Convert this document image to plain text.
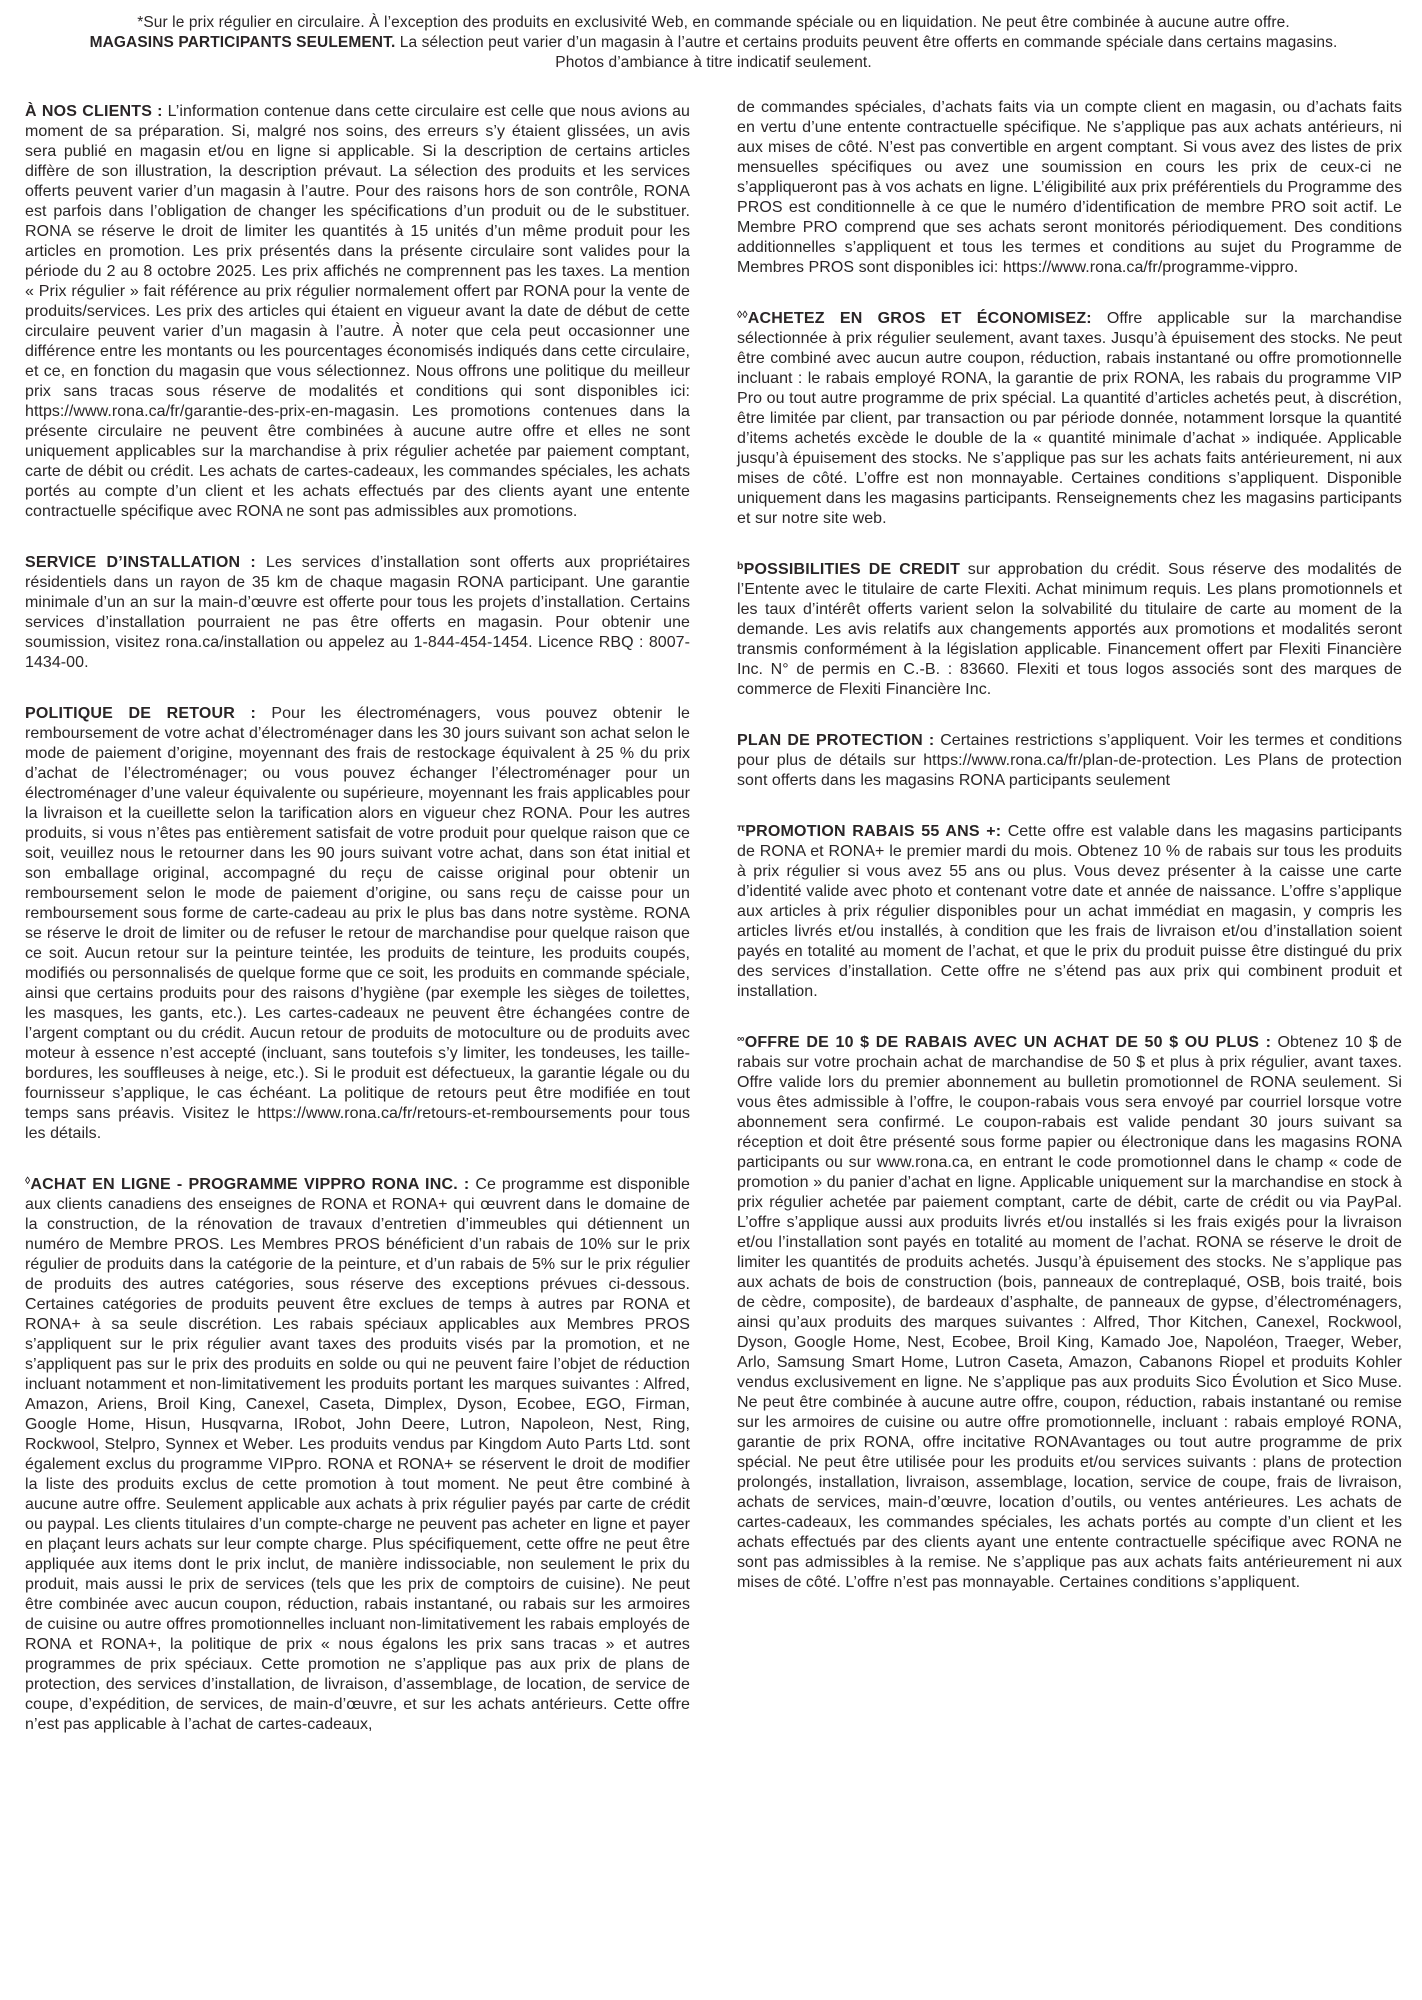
*Sur le prix régulier en circulaire. À l’exception des produits en exclusivité Web, en commande spéciale ou en liquidation. Ne peut être combinée à aucune autre offre.
MAGASINS PARTICIPANTS SEULEMENT. La sélection peut varier d’un magasin à l’autre et certains produits peuvent être offerts en commande spéciale dans certains magasins.
Photos d’ambiance à titre indicatif seulement.

À NOS CLIENTS : L’information contenue dans cette circulaire est celle que nous avions au moment de sa préparation. Si, malgré nos soins, des erreurs s’y étaient glissées, un avis sera publié en magasin et/ou en ligne si applicable. Si la description de certains articles diffère de son illustration, la description prévaut. La sélection des produits et les services offerts peuvent varier d’un magasin à l’autre. Pour des raisons hors de son contrôle, RONA est parfois dans l’obligation de changer les spécifications d’un produit ou de le substituer. RONA se réserve le droit de limiter les quantités à 15 unités d’un même produit pour les articles en promotion. Les prix présentés dans la présente circulaire sont valides pour la période du 2 au 8 octobre 2025. Les prix affichés ne comprennent pas les taxes. La mention « Prix régulier » fait référence au prix régulier normalement offert par RONA pour la vente de produits/services. Les prix des articles qui étaient en vigueur avant la date de début de cette circulaire peuvent varier d’un magasin à l’autre. À noter que cela peut occasionner une différence entre les montants ou les pourcentages économisés indiqués dans cette circulaire, et ce, en fonction du magasin que vous sélectionnez. Nous offrons une politique du meilleur prix sans tracas sous réserve de modalités et conditions qui sont disponibles ici: https://www.rona.ca/fr/garantie-des-prix-en-magasin. Les promotions contenues dans la présente circulaire ne peuvent être combinées à aucune autre offre et elles ne sont uniquement applicables sur la marchandise à prix régulier achetée par paiement comptant, carte de débit ou crédit. Les achats de cartes-cadeaux, les commandes spéciales, les achats portés au compte d’un client et les achats effectués par des clients ayant une entente contractuelle spécifique avec RONA ne sont pas admissibles aux promotions.

SERVICE D’INSTALLATION : Les services d’installation sont offerts aux propriétaires résidentiels dans un rayon de 35 km de chaque magasin RONA participant. Une garantie minimale d’un an sur la main-d’œuvre est offerte pour tous les projets d’installation. Certains services d’installation pourraient ne pas être offerts en magasin. Pour obtenir une soumission, visitez rona.ca/installation ou appelez au 1-844-454-1454. Licence RBQ : 8007-1434-00.

POLITIQUE DE RETOUR : Pour les électroménagers, vous pouvez obtenir le remboursement de votre achat d’électroménager dans les 30 jours suivant son achat selon le mode de paiement d’origine, moyennant des frais de restockage équivalent à 25 % du prix d’achat de l’électroménager; ou vous pouvez échanger l’électroménager pour un électroménager d’une valeur équivalente ou supérieure, moyennant les frais applicables pour la livraison et la cueillette selon la tarification alors en vigueur chez RONA. Pour les autres produits, si vous n’êtes pas entièrement satisfait de votre produit pour quelque raison que ce soit, veuillez nous le retourner dans les 90 jours suivant votre achat, dans son état initial et son emballage original, accompagné du reçu de caisse original pour obtenir un remboursement selon le mode de paiement d’origine, ou sans reçu de caisse pour un remboursement sous forme de carte-cadeau au prix le plus bas dans notre système. RONA se réserve le droit de limiter ou de refuser le retour de marchandise pour quelque raison que ce soit. Aucun retour sur la peinture teintée, les produits de teinture, les produits coupés, modifiés ou personnalisés de quelque forme que ce soit, les produits en commande spéciale, ainsi que certains produits pour des raisons d’hygiène (par exemple les sièges de toilettes, les masques, les gants, etc.). Les cartes-cadeaux ne peuvent être échangées contre de l’argent comptant ou du crédit. Aucun retour de produits de motoculture ou de produits avec moteur à essence n’est accepté (incluant, sans toutefois s’y limiter, les tondeuses, les taille-bordures, les souffleuses à neige, etc.). Si le produit est défectueux, la garantie légale ou du fournisseur s’applique, le cas échéant. La politique de retours peut être modifiée en tout temps sans préavis. Visitez le https://www.rona.ca/fr/retours-et-remboursements pour tous les détails.

◊ACHAT EN LIGNE - PROGRAMME VIPPRO RONA INC. : Ce programme est disponible aux clients canadiens des enseignes de RONA et RONA+ qui œuvrent dans le domaine de la construction, de la rénovation de travaux d’entretien d’immeubles qui détiennent un numéro de Membre PROS. Les Membres PROS bénéficient d’un rabais de 10% sur le prix régulier de produits dans la catégorie de la peinture, et d’un rabais de 5% sur le prix régulier de produits des autres catégories, sous réserve des exceptions prévues ci-dessous. Certaines catégories de produits peuvent être exclues de temps à autres par RONA et RONA+ à sa seule discrétion. Les rabais spéciaux applicables aux Membres PROS s’appliquent sur le prix régulier avant taxes des produits visés par la promotion, et ne s’appliquent pas sur le prix des produits en solde ou qui ne peuvent faire l’objet de réduction incluant notamment et non-limitativement les produits portant les marques suivantes : Alfred, Amazon, Ariens, Broil King, Canexel, Caseta, Dimplex, Dyson, Ecobee, EGO, Firman, Google Home, Hisun, Husqvarna, IRobot, John Deere, Lutron, Napoleon, Nest, Ring, Rockwool, Stelpro, Synnex et Weber. Les produits vendus par Kingdom Auto Parts Ltd. sont également exclus du programme VIPpro. RONA et RONA+ se réservent le droit de modifier la liste des produits exclus de cette promotion à tout moment. Ne peut être combiné à aucune autre offre. Seulement applicable aux achats à prix régulier payés par carte de crédit ou paypal. Les clients titulaires d’un compte-charge ne peuvent pas acheter en ligne et payer en plaçant leurs achats sur leur compte charge. Plus spécifiquement, cette offre ne peut être appliquée aux items dont le prix inclut, de manière indissociable, non seulement le prix du produit, mais aussi le prix de services (tels que les prix de comptoirs de cuisine). Ne peut être combinée avec aucun coupon, réduction, rabais instantané, ou rabais sur les armoires de cuisine ou autre offres promotionnelles incluant non-limitativement les rabais employés de RONA et RONA+, la politique de prix « nous égalons les prix sans tracas » et autres programmes de prix spéciaux. Cette promotion ne s’applique pas aux prix de plans de protection, des services d’installation, de livraison, d’assemblage, de location, de service de coupe, d’expédition, de services, de main-d’œuvre, et sur les achats antérieurs. Cette offre n’est pas applicable à l’achat de cartes-cadeaux,

de commandes spéciales, d’achats faits via un compte client en magasin, ou d’achats faits en vertu d’une entente contractuelle spécifique. Ne s’applique pas aux achats antérieurs, ni aux mises de côté. N’est pas convertible en argent comptant. Si vous avez des listes de prix mensuelles spécifiques ou avez une soumission en cours les prix de ceux-ci ne s’appliqueront pas à vos achats en ligne. L’éligibilité aux prix préférentiels du Programme des PROS est conditionnelle à ce que le numéro d’identification de membre PRO soit actif. Le Membre PRO comprend que ses achats seront monitorés périodiquement. Des conditions additionnelles s’appliquent et tous les termes et conditions au sujet du Programme de Membres PROS sont disponibles ici: https://www.rona.ca/fr/programme-vippro.

◊◊ACHETEZ EN GROS ET ÉCONOMISEZ: Offre applicable sur la marchandise sélectionnée à prix régulier seulement, avant taxes. Jusqu’à épuisement des stocks. Ne peut être combiné avec aucun autre coupon, réduction, rabais instantané ou offre promotionnelle incluant : le rabais employé RONA, la garantie de prix RONA, les rabais du programme VIP Pro ou tout autre programme de prix spécial. La quantité d’articles achetés peut, à discrétion, être limitée par client, par transaction ou par période donnée, notamment lorsque la quantité d’items achetés excède le double de la « quantité minimale d’achat » indiquée. Applicable jusqu’à épuisement des stocks. Ne s’applique pas sur les achats faits antérieurement, ni aux mises de côté. L’offre est non monnayable. Certaines conditions s’appliquent. Disponible uniquement dans les magasins participants. Renseignements chez les magasins participants et sur notre site web.

$^b$POSSIBILITIES DE CREDIT sur approbation du crédit. Sous réserve des modalités de l’Entente avec le titulaire de carte Flexiti. Achat minimum requis. Les plans promotionnels et les taux d’intérêt offerts varient selon la solvabilité du titulaire de carte au moment de la demande. Les avis relatifs aux changements apportés aux promotions et modalités seront transmis conformément à la législation applicable. Financement offert par Flexiti Financière Inc. N° de permis en C.-B. : 83660. Flexiti et tous logos associés sont des marques de commerce de Flexiti Financière Inc.

PLAN DE PROTECTION : Certaines restrictions s’appliquent. Voir les termes et conditions pour plus de détails sur https://www.rona.ca/fr/plan-de-protection. Les Plans de protection sont offerts dans les magasins RONA participants seulement

$^\pi$PROMOTION RABAIS 55 ANS +: Cette offre est valable dans les magasins participants de RONA et RONA+ le premier mardi du mois. Obtenez 10 % de rabais sur tous les produits à prix régulier si vous avez 55 ans ou plus. Vous devez présenter à la caisse une carte d’identité valide avec photo et contenant votre date et année de naissance. L’offre s’applique aux articles à prix régulier disponibles pour un achat immédiat en magasin, y compris les articles livrés et/ou installés, à condition que les frais de livraison et/ou d’installation soient payés en totalité au moment de l’achat, et que le prix du produit puisse être distingué du prix des services d’installation. Cette offre ne s’étend pas aux prix qui combinent produit et installation.

∞OFFRE DE 10 $ DE RABAIS AVEC UN ACHAT DE 50 $ OU PLUS : Obtenez 10 $ de rabais sur votre prochain achat de marchandise de 50 $ et plus à prix régulier, avant taxes. Offre valide lors du premier abonnement au bulletin promotionnel de RONA seulement. Si vous êtes admissible à l’offre, le coupon-rabais vous sera envoyé par courriel lorsque votre abonnement sera confirmé. Le coupon-rabais est valide pendant 30 jours suivant sa réception et doit être présenté sous forme papier ou électronique dans les magasins RONA participants ou sur www.rona.ca, en entrant le code promotionnel dans le champ « code de promotion » du panier d’achat en ligne. Applicable uniquement sur la marchandise en stock à prix régulier achetée par paiement comptant, carte de débit, carte de crédit ou via PayPal. L’offre s’applique aussi aux produits livrés et/ou installés si les frais exigés pour la livraison et/ou l’installation sont payés en totalité au moment de l’achat. RONA se réserve le droit de limiter les quantités de produits achetés. Jusqu’à épuisement des stocks. Ne s’applique pas aux achats de bois de construction (bois, panneaux de contreplaqué, OSB, bois traité, bois de cèdre, composite), de bardeaux d’asphalte, de panneaux de gypse, d’électroménagers, ainsi qu’aux produits des marques suivantes : Alfred, Thor Kitchen, Canexel, Rockwool, Dyson, Google Home, Nest, Ecobee, Broil King, Kamado Joe, Napoléon, Traeger, Weber, Arlo, Samsung Smart Home, Lutron Caseta, Amazon, Cabanons Riopel et produits Kohler vendus exclusivement en ligne. Ne s’applique pas aux produits Sico Évolution et Sico Muse. Ne peut être combinée à aucune autre offre, coupon, réduction, rabais instantané ou remise sur les armoires de cuisine ou autre offre promotionnelle, incluant : rabais employé RONA, garantie de prix RONA, offre incitative RONAvantages ou tout autre programme de prix spécial. Ne peut être utilisée pour les produits et/ou services suivants : plans de protection prolongés, installation, livraison, assemblage, location, service de coupe, frais de livraison, achats de services, main-d’œuvre, location d’outils, ou ventes antérieures. Les achats de cartes-cadeaux, les commandes spéciales, les achats portés au compte d’un client et les achats effectués par des clients ayant une entente contractuelle spécifique avec RONA ne sont pas admissibles à la remise. Ne s’applique pas aux achats faits antérieurement ni aux mises de côté. L’offre n’est pas monnayable. Certaines conditions s’appliquent.
